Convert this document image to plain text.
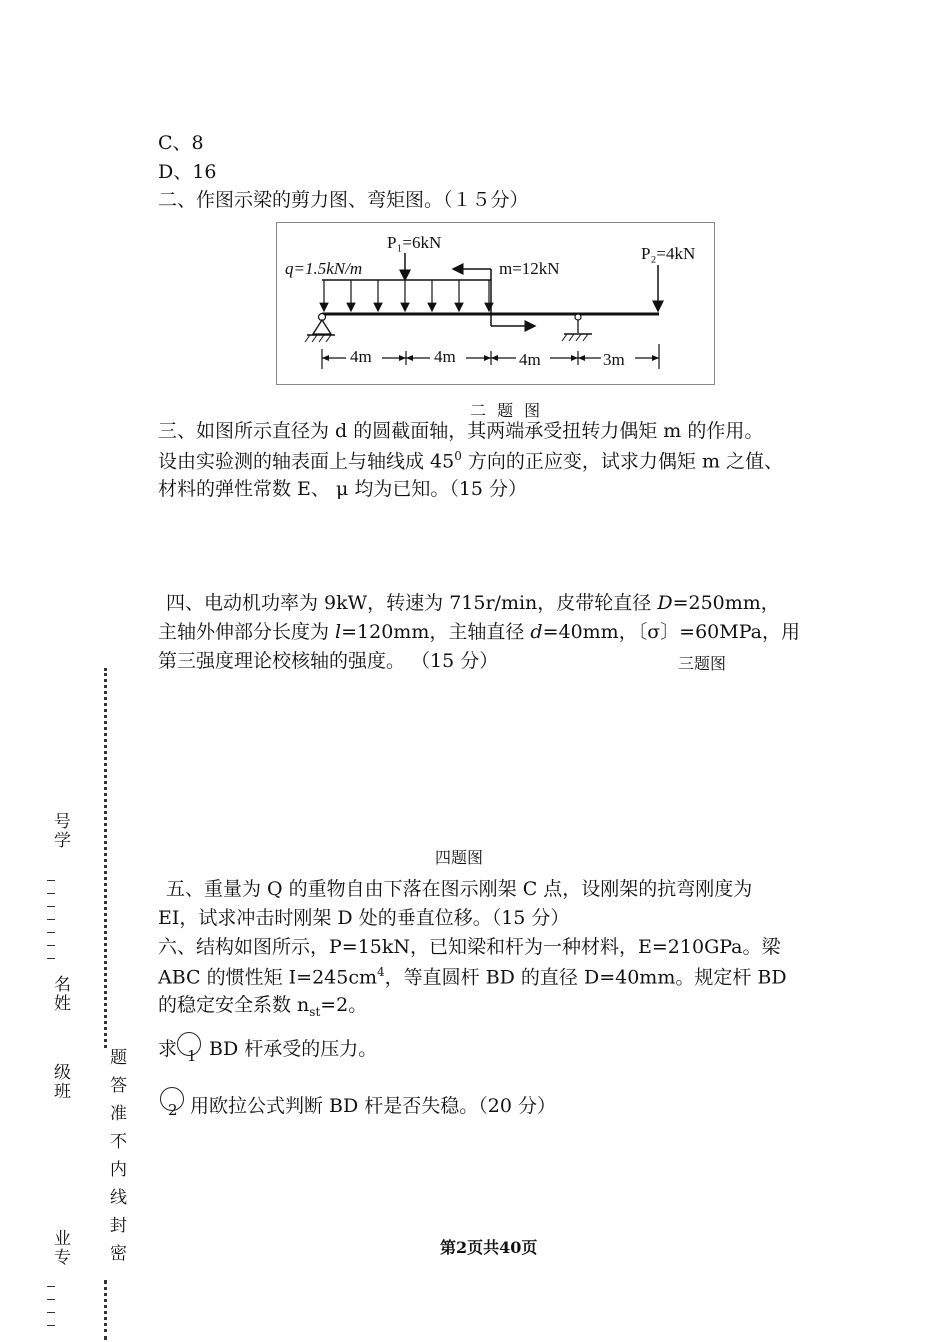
C、8
D、16
二、作图示梁的剪力图、弯矩图。（１５分）
P₁=6kN
q=1.5kN/m	m=12kN
P₂=4kN
4m	4m	4m	3m
二 题 图
三、如图所示直径为 d 的圆截面轴，其两端承受扭转力偶矩 m 的作用。
设由实验测的轴表面上与轴线成 $45^0$ 方向的正应变，试求力偶矩 m 之值、
材料的弹性常数 E、 μ 均为已知。（15 分）
四、电动机功率为 9kW，转速为 715r/min，皮带轮直径 D=250mm，
主轴外伸部分长度为 l=120mm，主轴直径 d=40mm，〔σ〕=60MPa，用
第三强度理论校核轴的强度。 （15 分）	三题图
四题图
五、重量为 Q 的重物自由下落在图示刚架 C 点，设刚架的抗弯刚度为
EI，试求冲击时刚架 D 处的垂直位移。（15 分）
六、结构如图所示，P=15kN，已知梁和杆为一种材料，E=210GPa。梁
ABC 的惯性矩 $I=245cm^4$，等直圆杆 BD 的直径 D=40mm。规定杆 BD
的稳定安全系数 $n_{st}=2$。
求 $_1$ BD 杆承受的压力。
2 用欧拉公式判断 BD 杆是否失稳。（20 分）
号学
名姓
级班
业专 题答准不内线封密	第2页共40页
